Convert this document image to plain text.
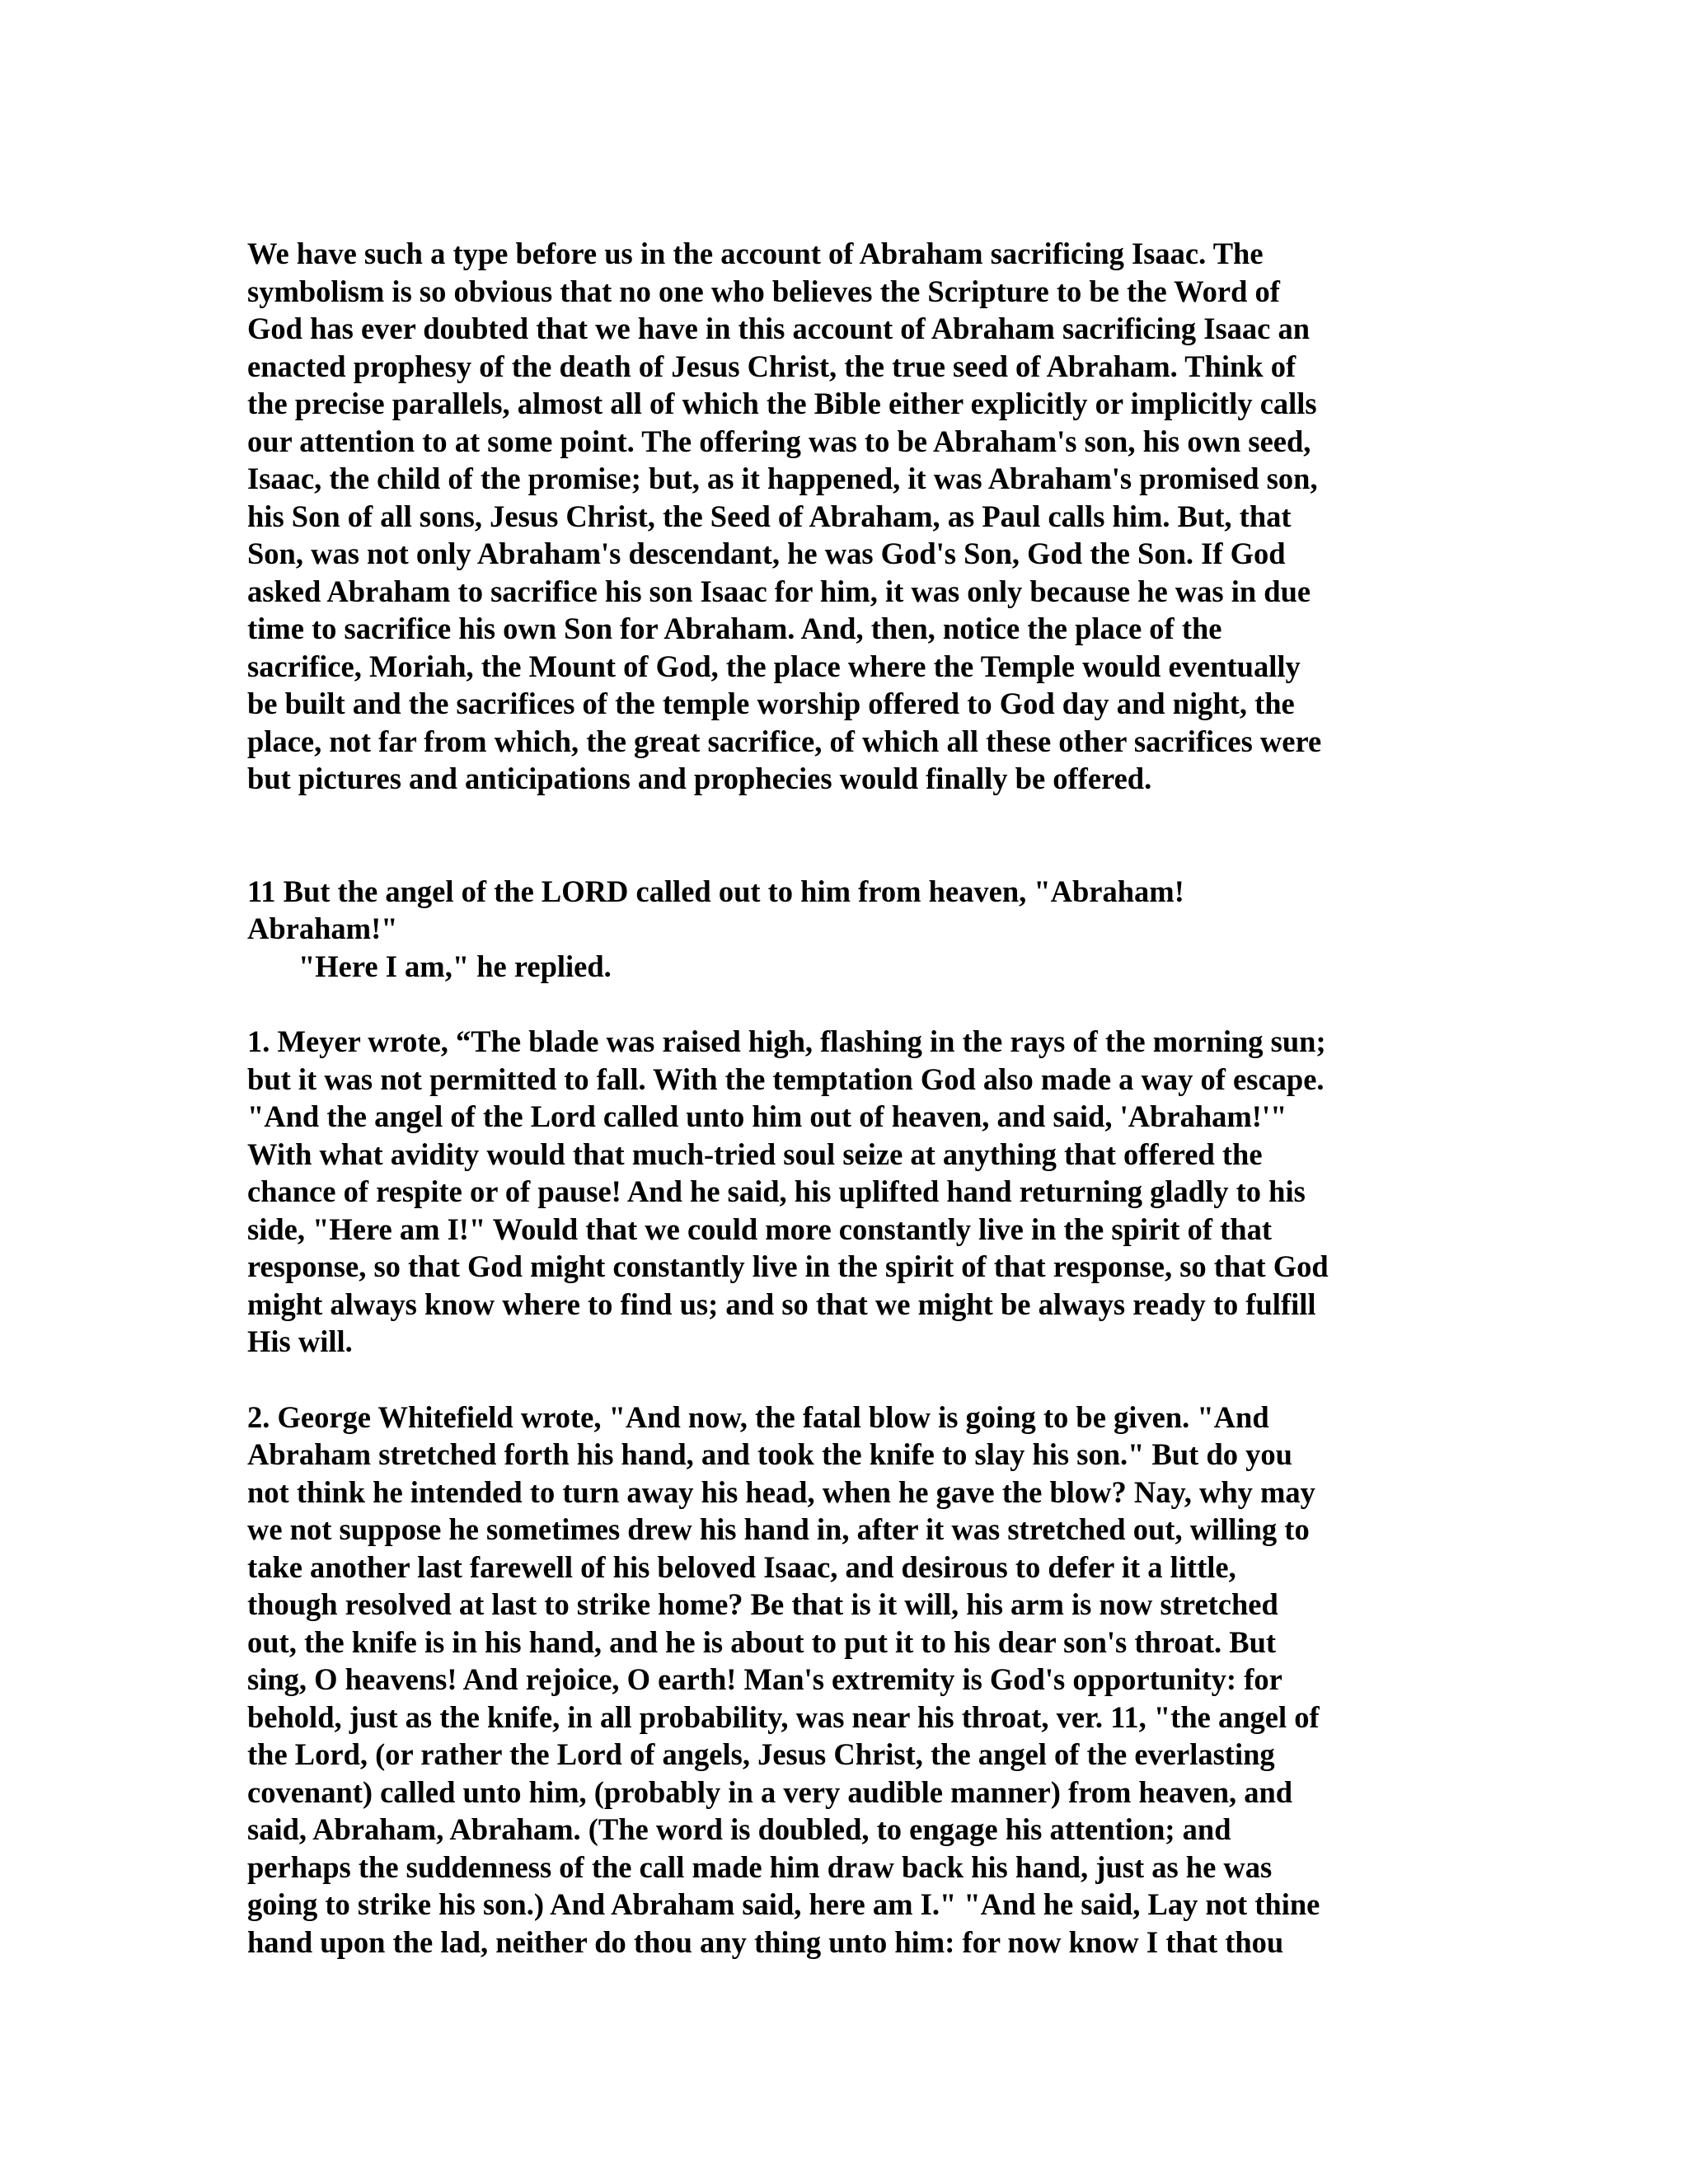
We have such a type before us in the account of Abraham sacrificing Isaac. The
symbolism is so obvious that no one who believes the Scripture to be the Word of
God has ever doubted that we have in this account of Abraham sacrificing Isaac an
enacted prophesy of the death of Jesus Christ, the true seed of Abraham. Think of
the precise parallels, almost all of which the Bible either explicitly or implicitly calls
our attention to at some point. The offering was to be Abraham's son, his own seed,
Isaac, the child of the promise; but, as it happened, it was Abraham's promised son,
his Son of all sons, Jesus Christ, the Seed of Abraham, as Paul calls him. But, that
Son, was not only Abraham's descendant, he was God's Son, God the Son. If God
asked Abraham to sacrifice his son Isaac for him, it was only because he was in due
time to sacrifice his own Son for Abraham. And, then, notice the place of the
sacrifice, Moriah, the Mount of God, the place where the Temple would eventually
be built and the sacrifices of the temple worship offered to God day and night, the
place, not far from which, the great sacrifice, of which all these other sacrifices were
but pictures and anticipations and prophecies would finally be offered.

11 But the angel of the LORD called out to him from heaven, "Abraham!
Abraham!"

"Here I am," he replied.

1. Meyer wrote, “The blade was raised high, flashing in the rays of the morning sun;
but it was not permitted to fall. With the temptation God also made a way of escape.
"And the angel of the Lord called unto him out of heaven, and said, 'Abraham!'"
With what avidity would that much-tried soul seize at anything that offered the
chance of respite or of pause! And he said, his uplifted hand returning gladly to his
side, "Here am I!" Would that we could more constantly live in the spirit of that
response, so that God might constantly live in the spirit of that response, so that God
might always know where to find us; and so that we might be always ready to fulfill
His will.

2. George Whitefield wrote, "And now, the fatal blow is going to be given. "And
Abraham stretched forth his hand, and took the knife to slay his son." But do you
not think he intended to turn away his head, when he gave the blow? Nay, why may
we not suppose he sometimes drew his hand in, after it was stretched out, willing to
take another last farewell of his beloved Isaac, and desirous to defer it a little,
though resolved at last to strike home? Be that is it will, his arm is now stretched
out, the knife is in his hand, and he is about to put it to his dear son's throat. But
sing, O heavens! And rejoice, O earth! Man's extremity is God's opportunity: for
behold, just as the knife, in all probability, was near his throat, ver. 11, "the angel of
the Lord, (or rather the Lord of angels, Jesus Christ, the angel of the everlasting
covenant) called unto him, (probably in a very audible manner) from heaven, and
said, Abraham, Abraham. (The word is doubled, to engage his attention; and
perhaps the suddenness of the call made him draw back his hand, just as he was
going to strike his son.) And Abraham said, here am I." "And he said, Lay not thine
hand upon the lad, neither do thou any thing unto him: for now know I that thou
